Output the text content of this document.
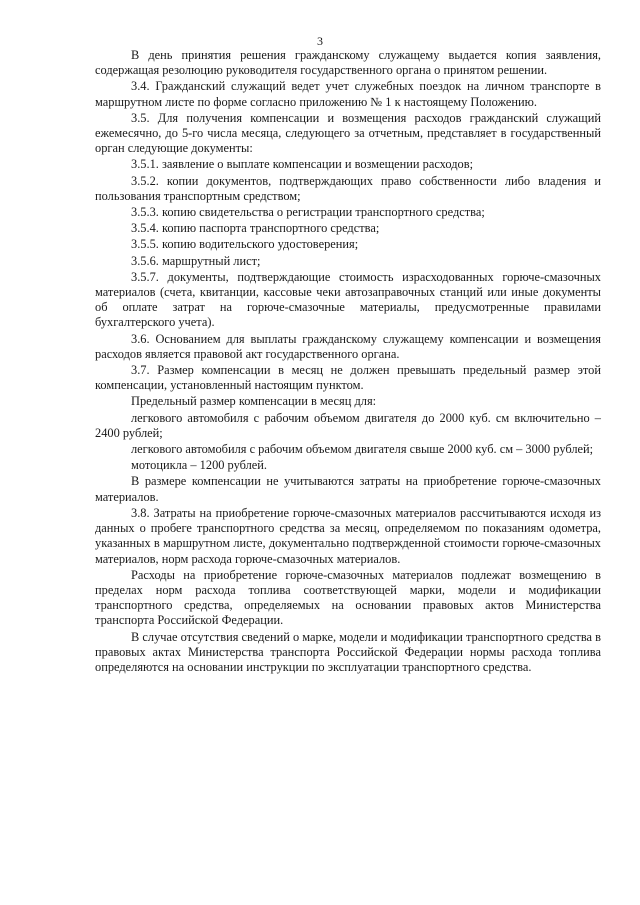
3

В день принятия решения гражданскому служащему выдается копия заявления, содержащая резолюцию руководителя государственного органа о принятом решении.

3.4. Гражданский служащий ведет учет служебных поездок на личном транспорте в маршрутном листе по форме согласно приложению № 1 к настоящему Положению.

3.5. Для получения компенсации и возмещения расходов гражданский служащий ежемесячно, до 5-го числа месяца, следующего за отчетным, представляет в государственный орган следующие документы:

3.5.1. заявление о выплате компенсации и возмещении расходов;

3.5.2. копии документов, подтверждающих право собственности либо владения и пользования транспортным средством;

3.5.3. копию свидетельства о регистрации транспортного средства;

3.5.4. копию паспорта транспортного средства;

3.5.5. копию водительского удостоверения;

3.5.6. маршрутный лист;

3.5.7. документы, подтверждающие стоимость израсходованных горюче-смазочных материалов (счета, квитанции, кассовые чеки автозаправочных станций или иные документы об оплате затрат на горюче-смазочные материалы, предусмотренные правилами бухгалтерского учета).

3.6. Основанием для выплаты гражданскому служащему компенсации и возмещения расходов является правовой акт государственного органа.

3.7. Размер компенсации в месяц не должен превышать предельный размер этой компенсации, установленный настоящим пунктом.

Предельный размер компенсации в месяц для:

легкового автомобиля с рабочим объемом двигателя до 2000 куб. см включительно – 2400 рублей;

легкового автомобиля с рабочим объемом двигателя свыше 2000 куб. см – 3000 рублей;

мотоцикла – 1200 рублей.

В размере компенсации не учитываются затраты на приобретение горюче-смазочных материалов.

3.8. Затраты на приобретение горюче-смазочных материалов рассчитываются исходя из данных о пробеге транспортного средства за месяц, определяемом по показаниям одометра, указанных в маршрутном листе, документально подтвержденной стоимости горюче-смазочных материалов, норм расхода горюче-смазочных материалов.

Расходы на приобретение горюче-смазочных материалов подлежат возмещению в пределах норм расхода топлива соответствующей марки, модели и модификации транспортного средства, определяемых на основании правовых актов Министерства транспорта Российской Федерации.

В случае отсутствия сведений о марке, модели и модификации транспортного средства в правовых актах Министерства транспорта Российской Федерации нормы расхода топлива определяются на основании инструкции по эксплуатации транспортного средства.
